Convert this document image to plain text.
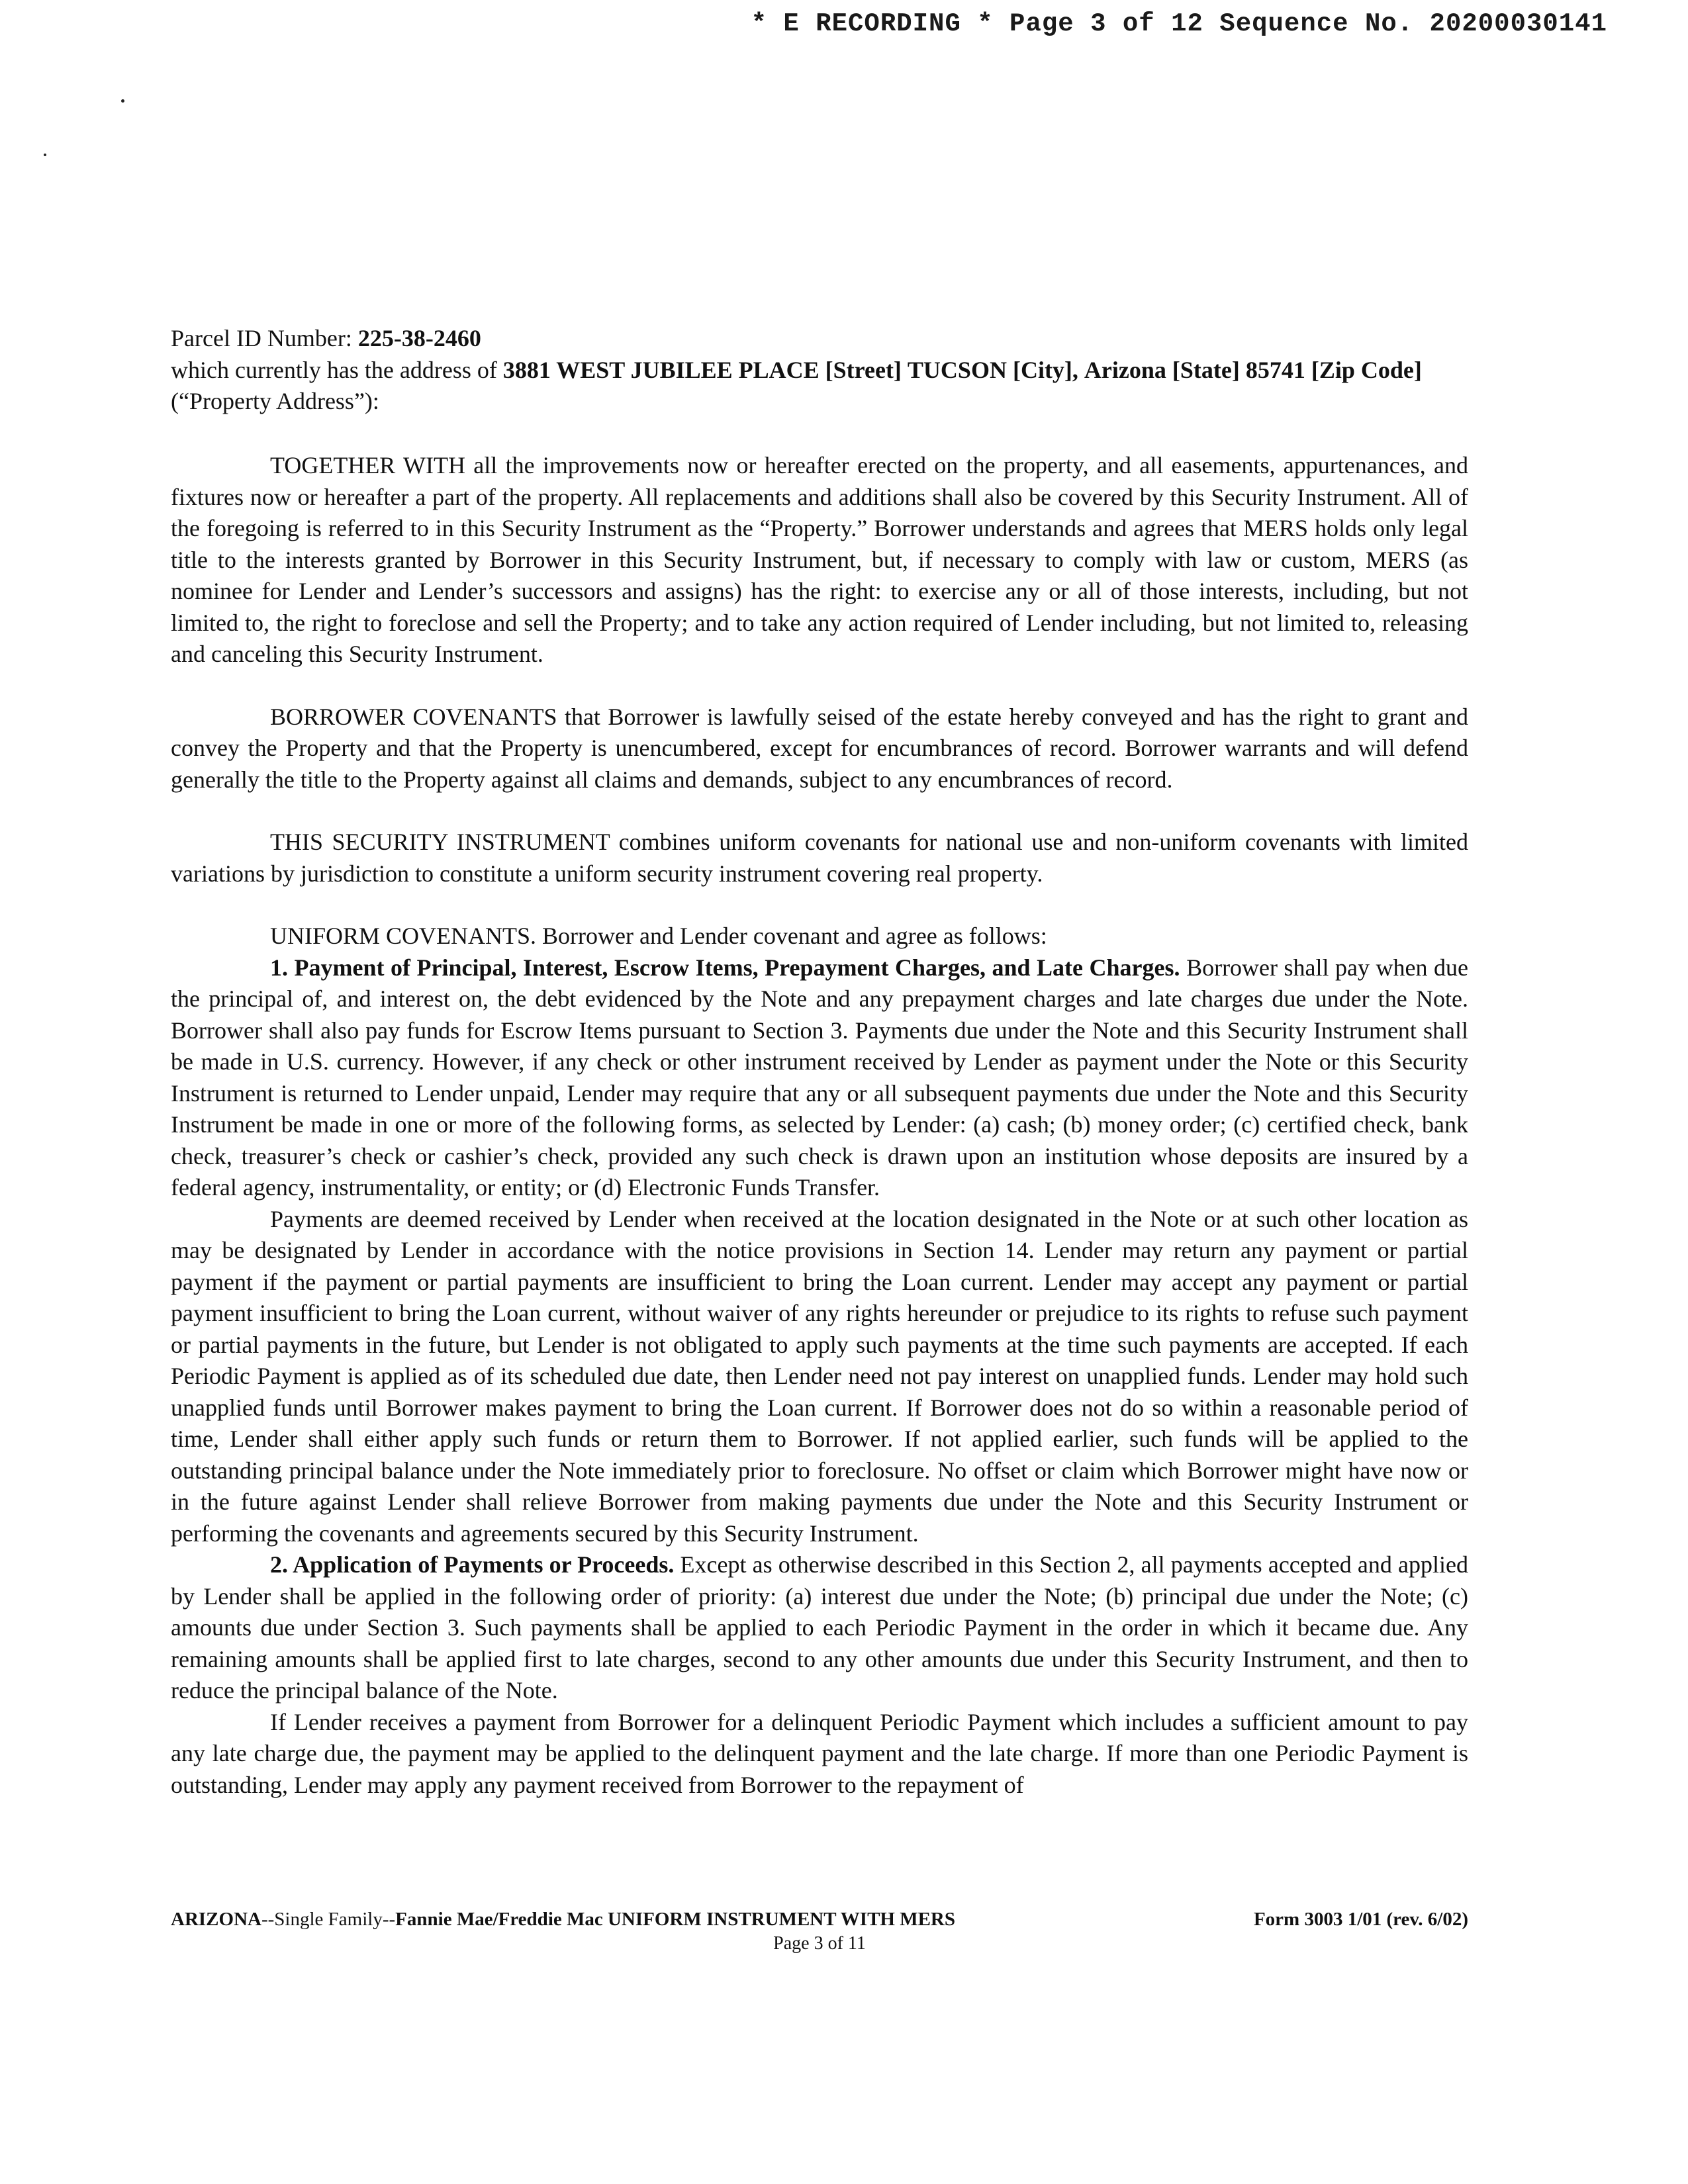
* E RECORDING * Page 3 of 12 Sequence No. 20200030141
Parcel ID Number: 225-38-2460
which currently has the address of 3881 WEST JUBILEE PLACE [Street] TUCSON [City], Arizona [State] 85741 [Zip Code] (“Property Address”):

TOGETHER WITH all the improvements now or hereafter erected on the property, and all easements, appurtenances, and fixtures now or hereafter a part of the property. All replacements and additions shall also be covered by this Security Instrument. All of the foregoing is referred to in this Security Instrument as the “Property.” Borrower understands and agrees that MERS holds only legal title to the interests granted by Borrower in this Security Instrument, but, if necessary to comply with law or custom, MERS (as nominee for Lender and Lender’s successors and assigns) has the right: to exercise any or all of those interests, including, but not limited to, the right to foreclose and sell the Property; and to take any action required of Lender including, but not limited to, releasing and canceling this Security Instrument.

BORROWER COVENANTS that Borrower is lawfully seised of the estate hereby conveyed and has the right to grant and convey the Property and that the Property is unencumbered, except for encumbrances of record. Borrower warrants and will defend generally the title to the Property against all claims and demands, subject to any encumbrances of record.

THIS SECURITY INSTRUMENT combines uniform covenants for national use and non-uniform covenants with limited variations by jurisdiction to constitute a uniform security instrument covering real property.

UNIFORM COVENANTS. Borrower and Lender covenant and agree as follows:

1. Payment of Principal, Interest, Escrow Items, Prepayment Charges, and Late Charges. Borrower shall pay when due the principal of, and interest on, the debt evidenced by the Note and any prepayment charges and late charges due under the Note. Borrower shall also pay funds for Escrow Items pursuant to Section 3. Payments due under the Note and this Security Instrument shall be made in U.S. currency. However, if any check or other instrument received by Lender as payment under the Note or this Security Instrument is returned to Lender unpaid, Lender may require that any or all subsequent payments due under the Note and this Security Instrument be made in one or more of the following forms, as selected by Lender: (a) cash; (b) money order; (c) certified check, bank check, treasurer’s check or cashier’s check, provided any such check is drawn upon an institution whose deposits are insured by a federal agency, instrumentality, or entity; or (d) Electronic Funds Transfer.

Payments are deemed received by Lender when received at the location designated in the Note or at such other location as may be designated by Lender in accordance with the notice provisions in Section 14. Lender may return any payment or partial payment if the payment or partial payments are insufficient to bring the Loan current. Lender may accept any payment or partial payment insufficient to bring the Loan current, without waiver of any rights hereunder or prejudice to its rights to refuse such payment or partial payments in the future, but Lender is not obligated to apply such payments at the time such payments are accepted. If each Periodic Payment is applied as of its scheduled due date, then Lender need not pay interest on unapplied funds. Lender may hold such unapplied funds until Borrower makes payment to bring the Loan current. If Borrower does not do so within a reasonable period of time, Lender shall either apply such funds or return them to Borrower. If not applied earlier, such funds will be applied to the outstanding principal balance under the Note immediately prior to foreclosure. No offset or claim which Borrower might have now or in the future against Lender shall relieve Borrower from making payments due under the Note and this Security Instrument or performing the covenants and agreements secured by this Security Instrument.

2. Application of Payments or Proceeds. Except as otherwise described in this Section 2, all payments accepted and applied by Lender shall be applied in the following order of priority: (a) interest due under the Note; (b) principal due under the Note; (c) amounts due under Section 3. Such payments shall be applied to each Periodic Payment in the order in which it became due. Any remaining amounts shall be applied first to late charges, second to any other amounts due under this Security Instrument, and then to reduce the principal balance of the Note.

If Lender receives a payment from Borrower for a delinquent Periodic Payment which includes a sufficient amount to pay any late charge due, the payment may be applied to the delinquent payment and the late charge. If more than one Periodic Payment is outstanding, Lender may apply any payment received from Borrower to the repayment of

ARIZONA--Single Family--Fannie Mae/Freddie Mac UNIFORM INSTRUMENT WITH MERS	Form 3003 1/01 (rev. 6/02)
Page 3 of 11
